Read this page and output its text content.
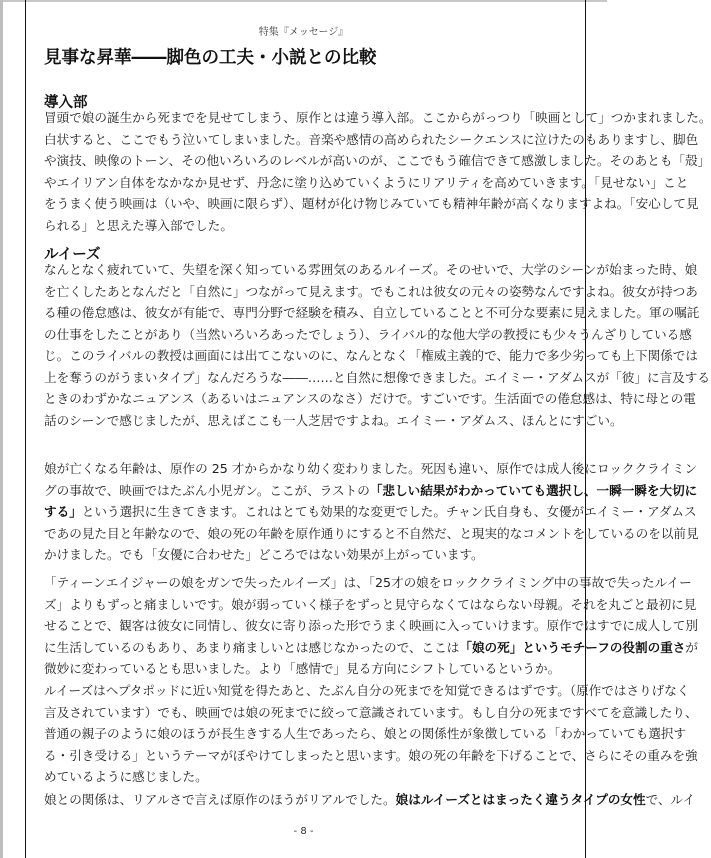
特集『メッセージ』
見事な昇華――脚色の工夫・小説との比較
導入部
冒頭で娘の誕生から死までを見せてしまう、原作とは違う導入部。ここからがっつり「映画として」つかまれました。
白状すると、ここでもう泣いてしまいました。音楽や感情の高められたシークエンスに泣けたのもありますし、脚色
や演技、映像のトーン、その他いろいろのレベルが高いのが、ここでもう確信できて感激しました。そのあとも「殻」
やエイリアン自体をなかなか見せず、丹念に塗り込めていくようにリアリティを高めていきます。「見せない」こと
をうまく使う映画は（いや、映画に限らず）、題材が化け物じみていても精神年齢が高くなりますよね。「安心して見
られる」と思えた導入部でした。
ルイーズ
なんとなく疲れていて、失望を深く知っている雰囲気のあるルイーズ。そのせいで、大学のシーンが始まった時、娘
を亡くしたあとなんだと「自然に」つながって見えます。でもこれは彼女の元々の姿勢なんですよね。彼女が持つあ
る種の倦怠感は、彼女が有能で、専門分野で経験を積み、自立していることと不可分な要素に見えました。軍の嘱託
の仕事をしたことがあり（当然いろいろあったでしょう）、ライバル的な他大学の教授にも少々うんざりしている感
じ。このライバルの教授は画面には出てこないのに、なんとなく「権威主義的で、能力で多少劣っても上下関係では
上を奪うのがうまいタイプ」なんだろうな――……と自然に想像できました。エイミー・アダムスが「彼」に言及する
ときのわずかなニュアンス（あるいはニュアンスのなさ）だけで。すごいです。生活面での倦怠感は、特に母との電
話のシーンで感じましたが、思えばここも一人芝居ですよね。エイミー・アダムス、ほんとにすごい。
娘が亡くなる年齢は、原作の 25 才からかなり幼く変わりました。死因も違い、原作では成人後にロッククライミン
グの事故で、映画ではたぶん小児ガン。ここが、ラストの「悲しい結果がわかっていても選択し、一瞬一瞬を大切に
する」という選択に生きてきます。これはとても効果的な変更でした。チャン氏自身も、女優がエイミー・アダムス
であの見た目と年齢なので、娘の死の年齢を原作通りにすると不自然だ、と現実的なコメントをしているのを以前見
かけました。でも「女優に合わせた」どころではない効果が上がっています。
「ティーンエイジャーの娘をガンで失ったルイーズ」は、「25才の娘をロッククライミング中の事故で失ったルイー
ズ」よりもずっと痛ましいです。娘が弱っていく様子をずっと見守らなくてはならない母親。それを丸ごと最初に見
せることで、観客は彼女に同情し、彼女に寄り添った形でうまく映画に入っていけます。原作ではすでに成人して別
に生活しているのもあり、あまり痛ましいとは感じなかったので、ここは「娘の死」というモチーフの役割の重さが
微妙に変わっているとも思いました。より「感情で」見る方向にシフトしているというか。
ルイーズはヘプタポッドに近い知覚を得たあと、たぶん自分の死までを知覚できるはずです。（原作ではさりげなく
言及されています）でも、映画では娘の死までに絞って意識されています。もし自分の死まですべてを意識したり、
普通の親子のように娘のほうが長生きする人生であったら、娘との関係性が象徴している「わかっていても選択す
る・引き受ける」というテーマがぼやけてしまったと思います。娘の死の年齢を下げることで、さらにその重みを強
めているように感じました。
娘との関係は、リアルさで言えば原作のほうがリアルでした。娘はルイーズとはまったく違うタイプの女性で、ルイ
- 8 -
